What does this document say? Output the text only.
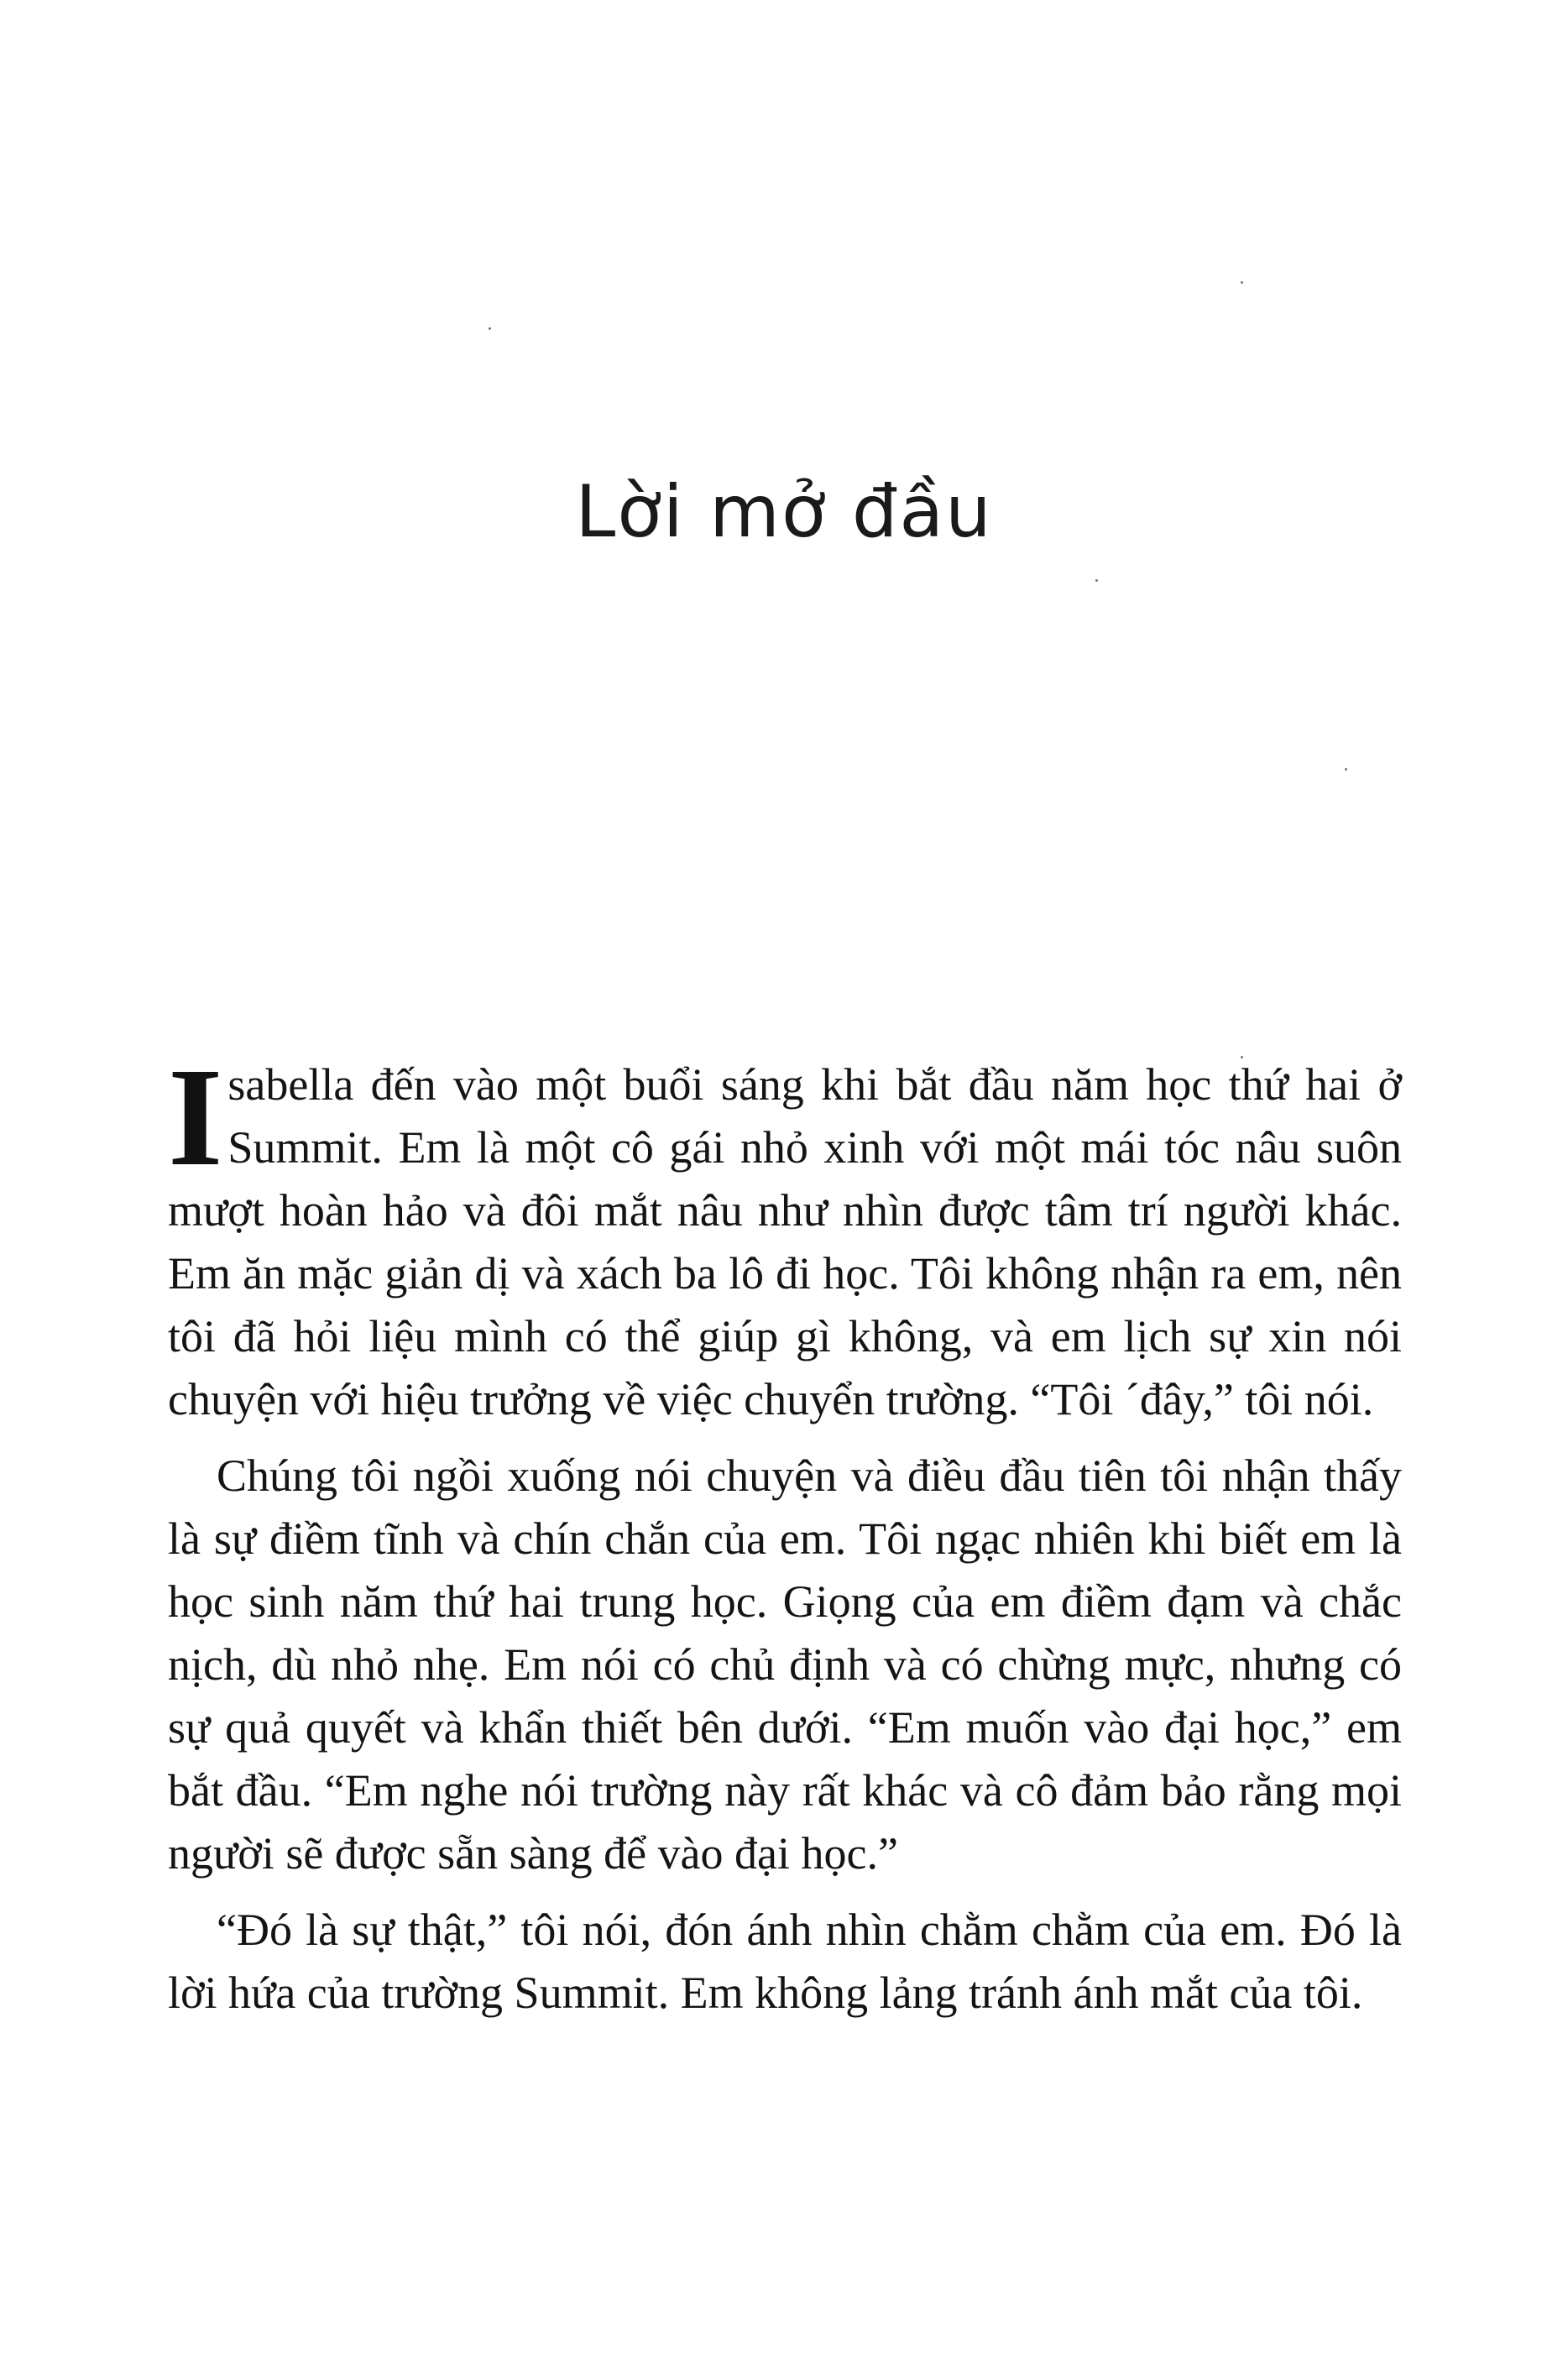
Lời mở đầu

Isabella đến vào một buổi sáng khi bắt đầu năm học thứ hai ở Summit. Em là một cô gái nhỏ xinh với một mái tóc nâu suôn mượt hoàn hảo và đôi mắt nâu như nhìn được tâm trí người khác. Em ăn mặc giản dị và xách ba lô đi học. Tôi không nhận ra em, nên tôi đã hỏi liệu mình có thể giúp gì không, và em lịch sự xin nói chuyện với hiệu trưởng về việc chuyển trường. “Tôi ´đây,” tôi nói.

Chúng tôi ngồi xuống nói chuyện và điều đầu tiên tôi nhận thấy là sự điềm tĩnh và chín chắn của em. Tôi ngạc nhiên khi biết em là học sinh năm thứ hai trung học. Giọng của em điềm đạm và chắc nịch, dù nhỏ nhẹ. Em nói có chủ định và có chừng mực, nhưng có sự quả quyết và khẩn thiết bên dưới. “Em muốn vào đại học,” em bắt đầu. “Em nghe nói trường này rất khác và cô đảm bảo rằng mọi người sẽ được sẵn sàng để vào đại học.”

“Đó là sự thật,” tôi nói, đón ánh nhìn chằm chằm của em. Đó là lời hứa của trường Summit. Em không lảng tránh ánh mắt của tôi.
